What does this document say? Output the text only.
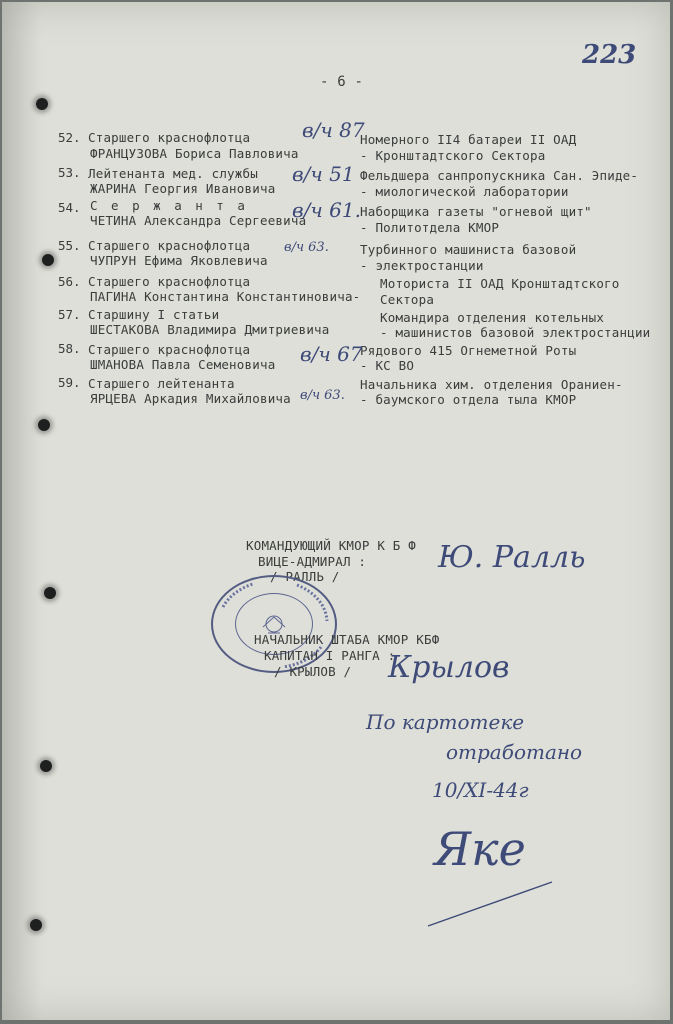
223
- 6 -
52. Старшего краснофлотца
ФРАНЦУЗОВА Бориса Павловича
Номерного II4 батареи II ОАД
- Кронштадтского Сектора
в/ч 87
53. Лейтенанта мед. службы
ЖАРИНА Георгия Ивановича
Фельдшера санпропускника Сан. Эпиде-
- миологической лаборатории
в/ч 51
54. С е р ж а н т а
ЧЕТИНА Александра Сергеевича
Наборщика газеты "огневой щит"
- Политотдела КМОР
в/ч 61.
55. Старшего краснофлотца
ЧУПРУН Ефима Яковлевича
Турбинного машиниста базовой
- электростанции
в/ч 63.
56. Старшего краснофлотца
ПАГИНА Константина Константиновича-
Моториста II ОАД Кронштадтского
Сектора
57. Старшину I статьи
ШЕСТАКОВА Владимира Дмитриевича
Командира отделения котельных
- машинистов базовой электростанции
58. Старшего краснофлотца
ШМАНОВА Павла Семеновича
Рядового 415 Огнеметной Роты
- КС ВО
в/ч 67
59. Старшего лейтенанта
ЯРЦЕВА Аркадия Михайловича
Начальника хим. отделения Ораниен-
- баумского отдела тыла КМОР
в/ч 63.
КОМАНДУЮЩИЙ КМОР К Б Ф
ВИЦЕ-АДМИРАЛ :
/ РАЛЛЬ /
Ю. Ралль
НАЧАЛЬНИК ШТАБА КМОР КБФ
КАПИТАН I РАНГА :
/ КРЫЛОВ / Крылов
По картотеке
отработано
10/XI-44г
Яке
